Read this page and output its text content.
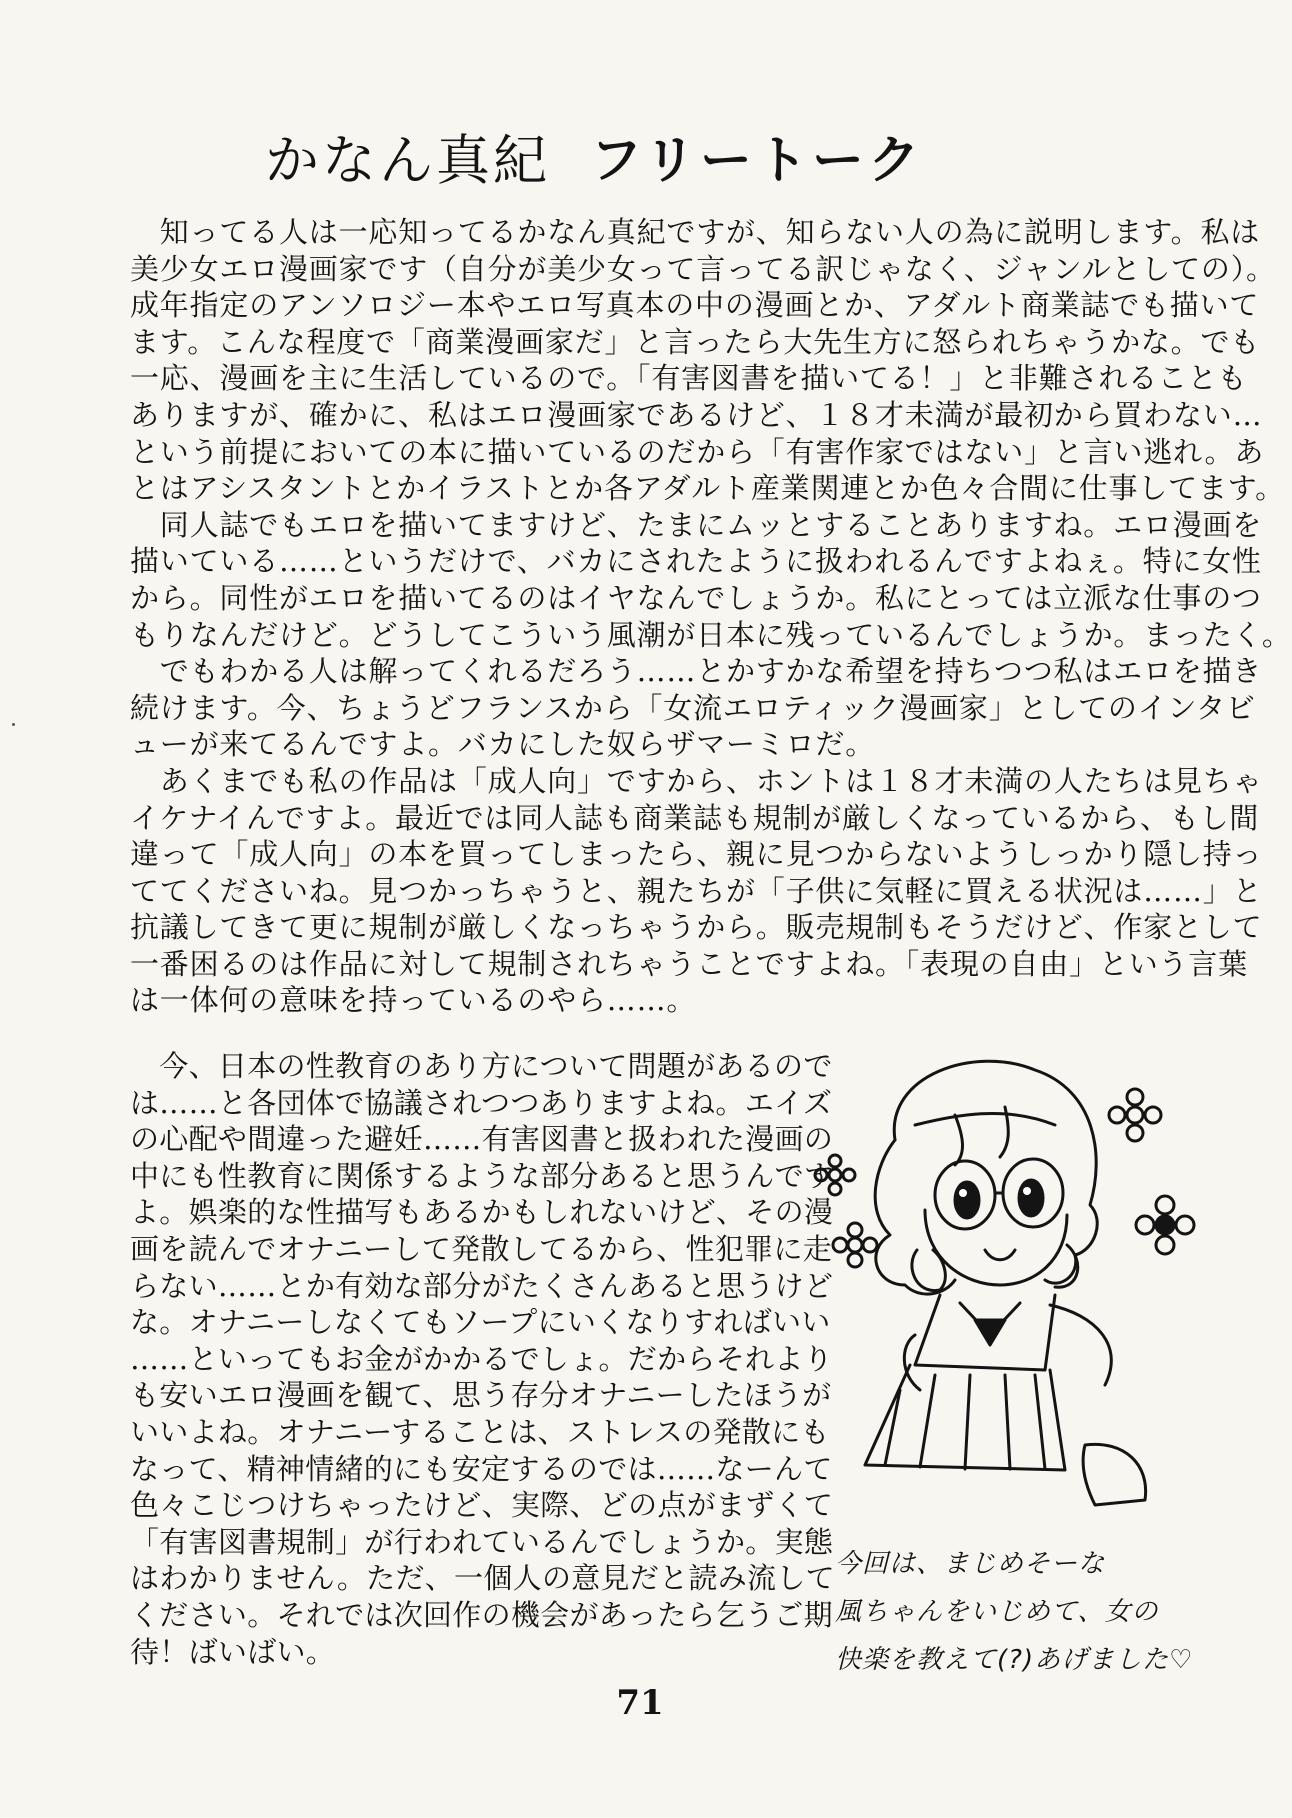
かなん真紀 フリートーク
　知ってる人は一応知ってるかなん真紀ですが、知らない人の為に説明します。私は
美少女エロ漫画家です（自分が美少女って言ってる訳じゃなく、ジャンルとしての）。
成年指定のアンソロジー本やエロ写真本の中の漫画とか、アダルト商業誌でも描いて
ます。こんな程度で「商業漫画家だ」と言ったら大先生方に怒られちゃうかな。でも
一応、漫画を主に生活しているので。「有害図書を描いてる！」と非難されることも
ありますが、確かに、私はエロ漫画家であるけど、１８才未満が最初から買わない…
という前提においての本に描いているのだから「有害作家ではない」と言い逃れ。あ
とはアシスタントとかイラストとか各アダルト産業関連とか色々合間に仕事してます。
　同人誌でもエロを描いてますけど、たまにムッとすることありますね。エロ漫画を
描いている……というだけで、バカにされたように扱われるんですよねぇ。特に女性
から。同性がエロを描いてるのはイヤなんでしょうか。私にとっては立派な仕事のつ
もりなんだけど。どうしてこういう風潮が日本に残っているんでしょうか。まったく。
　でもわかる人は解ってくれるだろう……とかすかな希望を持ちつつ私はエロを描き
続けます。今、ちょうどフランスから「女流エロティック漫画家」としてのインタビ
ューが来てるんですよ。バカにした奴らザマーミロだ。
　あくまでも私の作品は「成人向」ですから、ホントは１８才未満の人たちは見ちゃ
イケナイんですよ。最近では同人誌も商業誌も規制が厳しくなっているから、もし間
違って「成人向」の本を買ってしまったら、親に見つからないようしっかり隠し持っ
ててくださいね。見つかっちゃうと、親たちが「子供に気軽に買える状況は……」と
抗議してきて更に規制が厳しくなっちゃうから。販売規制もそうだけど、作家として
一番困るのは作品に対して規制されちゃうことですよね。「表現の自由」という言葉
は一体何の意味を持っているのやら……。
　今、日本の性教育のあり方について問題があるので
は……と各団体で協議されつつありますよね。エイズ
の心配や間違った避妊……有害図書と扱われた漫画の
中にも性教育に関係するような部分あると思うんです
よ。娯楽的な性描写もあるかもしれないけど、その漫
画を読んでオナニーして発散してるから、性犯罪に走
らない……とか有効な部分がたくさんあると思うけど
な。オナニーしなくてもソープにいくなりすればいい
……といってもお金がかかるでしょ。だからそれより
も安いエロ漫画を観て、思う存分オナニーしたほうが
いいよね。オナニーすることは、ストレスの発散にも
なって、精神情緒的にも安定するのでは……なーんて
色々こじつけちゃったけど、実際、どの点がまずくて
「有害図書規制」が行われているんでしょうか。実態
はわかりません。ただ、一個人の意見だと読み流して
ください。それでは次回作の機会があったら乞うご期
待！ばいばい。
今回は、まじめそーな
風ちゃんをいじめて、女の
快楽を教えて(?)あげました♡
71
